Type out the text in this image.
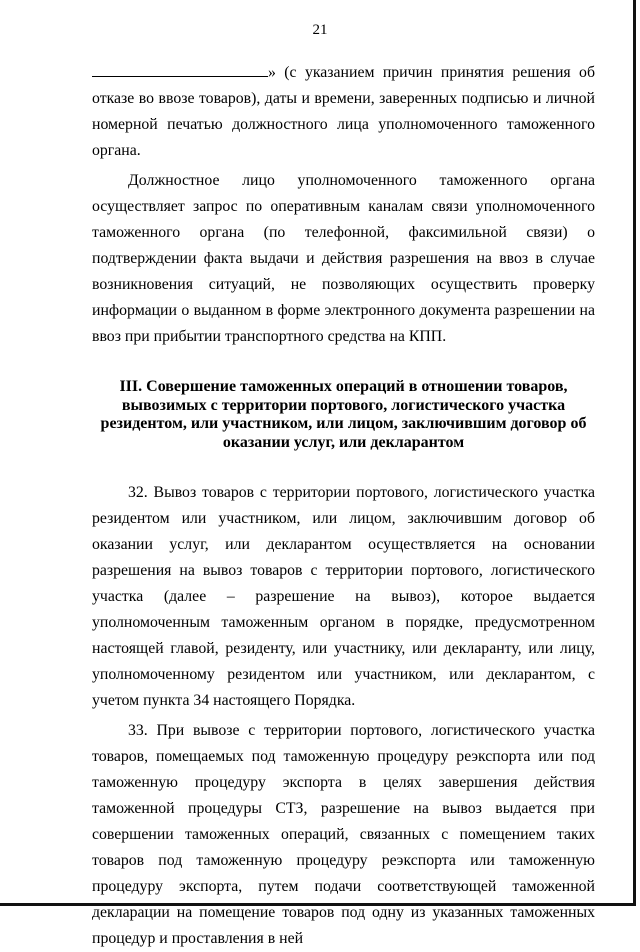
21

» (с указанием причин принятия решения об отказе во ввозе товаров), даты и времени, заверенных подписью и личной номерной печатью должностного лица уполномоченного таможенного органа.

Должностное лицо уполномоченного таможенного органа осуществляет запрос по оперативным каналам связи уполномоченного таможенного органа (по телефонной, факсимильной связи) о подтверждении факта выдачи и действия разрешения на ввоз в случае возникновения ситуаций, не позволяющих осуществить проверку информации о выданном в форме электронного документа разрешении на ввоз при прибытии транспортного средства на КПП.

III. Совершение таможенных операций в отношении товаров, вывозимых с территории портового, логистического участка резидентом, или участником, или лицом, заключившим договор об оказании услуг, или декларантом

32. Вывоз товаров с территории портового, логистического участка резидентом или участником, или лицом, заключившим договор об оказании услуг, или декларантом осуществляется на основании разрешения на вывоз товаров с территории портового, логистического участка (далее – разрешение на вывоз), которое выдается уполномоченным таможенным органом в порядке, предусмотренном настоящей главой, резиденту, или участнику, или декларанту, или лицу, уполномоченному резидентом или участником, или декларантом, с учетом пункта 34 настоящего Порядка.

33. При вывозе с территории портового, логистического участка товаров, помещаемых под таможенную процедуру реэкспорта или под таможенную процедуру экспорта в целях завершения действия таможенной процедуры СТЗ, разрешение на вывоз выдается при совершении таможенных операций, связанных с помещением таких товаров под таможенную процедуру реэкспорта или таможенную процедуру экспорта, путем подачи соответствующей таможенной декларации на помещение товаров под одну из указанных таможенных процедур и проставления в ней
